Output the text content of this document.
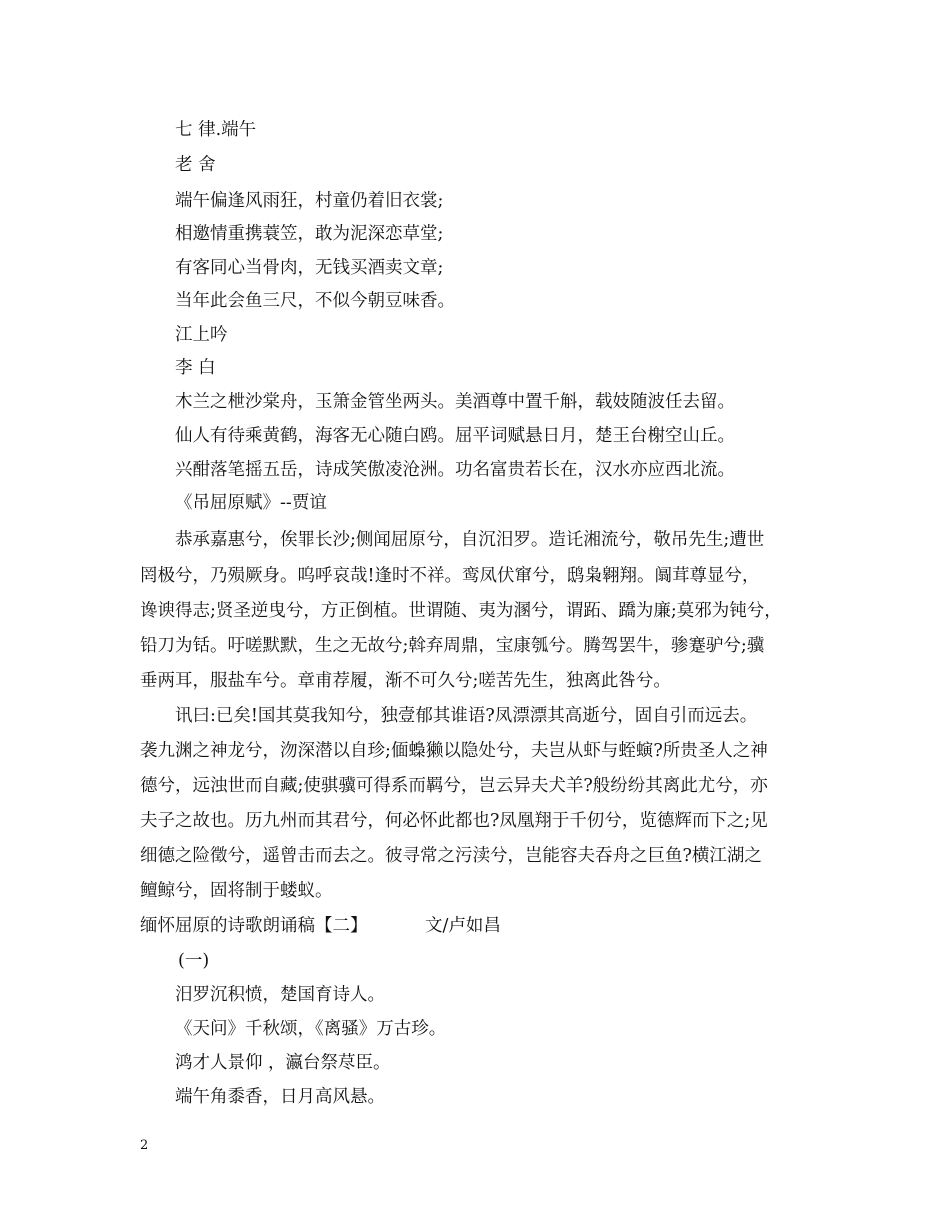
七 律.端午
老 舍
端午偏逢风雨狂，村童仍着旧衣裳;
相邀情重携蓑笠，敢为泥深恋草堂;
有客同心当骨肉，无钱买酒卖文章;
当年此会鱼三尺，不似今朝豆味香。
江上吟
李 白
木兰之枻沙棠舟，玉箫金管坐两头。美酒尊中置千斛，载妓随波任去留。
仙人有待乘黄鹤，海客无心随白鸥。屈平词赋悬日月，楚王台榭空山丘。
兴酣落笔摇五岳，诗成笑傲凌沧洲。功名富贵若长在，汉水亦应西北流。
《吊屈原赋》--贾谊
恭承嘉惠兮，俟罪长沙;侧闻屈原兮，自沉汨罗。造讬湘流兮，敬吊先生;遭世
罔极兮，乃殒厥身。呜呼哀哉!逢时不祥。鸾凤伏窜兮，鸱枭翱翔。阘茸尊显兮，
谗谀得志;贤圣逆曳兮，方正倒植。世谓随、夷为溷兮，谓跖、蹻为廉;莫邪为钝兮，
铅刀为铦。吁嗟默默，生之无故兮;斡弃周鼎，宝康瓠兮。腾驾罢牛，骖蹇驴兮;骥
垂两耳，服盐车兮。章甫荐履，渐不可久兮;嗟苦先生，独离此咎兮。
讯曰:已矣!国其莫我知兮，独壹郁其谁语?凤漂漂其高逝兮，固自引而远去。
袭九渊之神龙兮，沕深潜以自珍;偭蟂獭以隐处兮，夫岂从虾与蛭螾?所贵圣人之神
德兮，远浊世而自藏;使骐骥可得系而羁兮，岂云异夫犬羊?般纷纷其离此尤兮，亦
夫子之故也。历九州而其君兮，何必怀此都也?凤凰翔于千仞兮，览德辉而下之;见
细德之险徵兮，遥曾击而去之。彼寻常之污渎兮，岂能容夫吞舟之巨鱼?横江湖之
鳣鲸兮，固将制于蝼蚁。
缅怀屈原的诗歌朗诵稿【二】	文/卢如昌
(一)
汨罗沉积愤，楚国育诗人。
《天问》千秋颂，《离骚》万古珍。
鸿才人景仰 ，瀛台祭荩臣。
端午角黍香，日月高风悬。
2
